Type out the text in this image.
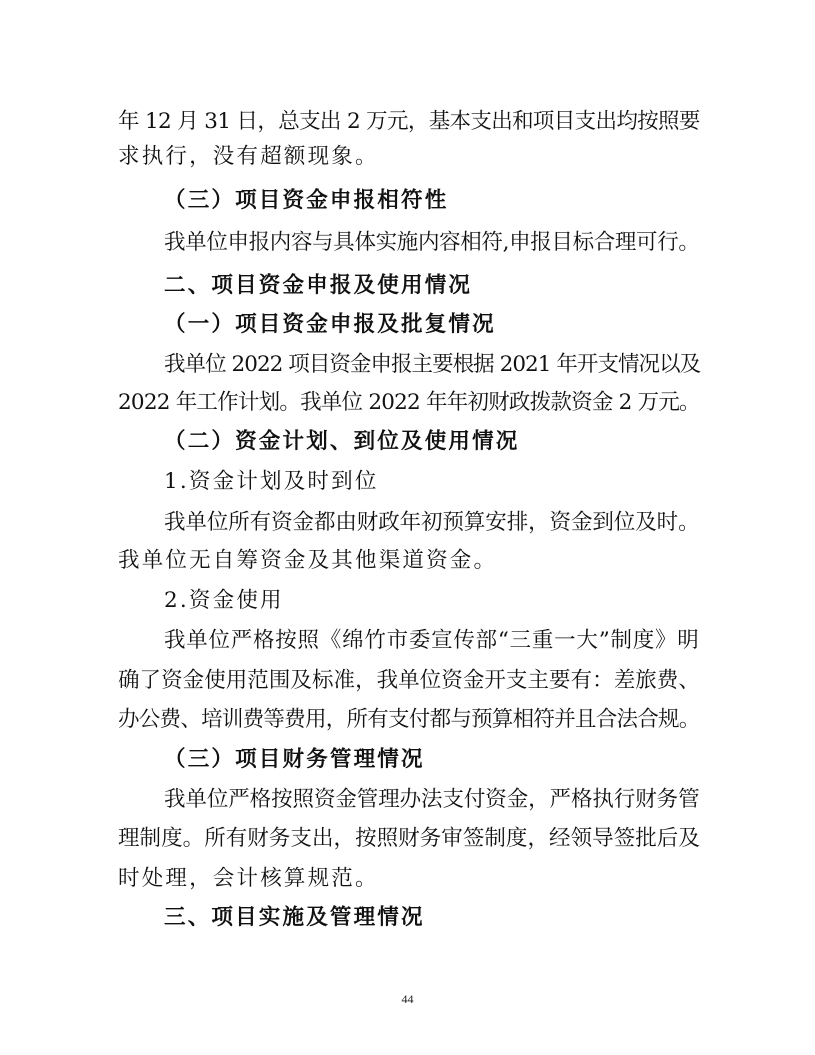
年 12 月 31 日，总支出 2 万元，基本支出和项目支出均按照要
求执行，没有超额现象。
（三）项目资金申报相符性
我单位申报内容与具体实施内容相符,申报目标合理可行。
二、项目资金申报及使用情况
（一）项目资金申报及批复情况
我单位 2022 项目资金申报主要根据 2021 年开支情况以及
2022 年工作计划。我单位 2022 年年初财政拨款资金 2 万元。
（二）资金计划、到位及使用情况
1.资金计划及时到位
我单位所有资金都由财政年初预算安排，资金到位及时。
我单位无自筹资金及其他渠道资金。
2.资金使用
我单位严格按照《绵竹市委宣传部“三重一大”制度》明
确了资金使用范围及标准，我单位资金开支主要有：差旅费、
办公费、培训费等费用，所有支付都与预算相符并且合法合规。
（三）项目财务管理情况
我单位严格按照资金管理办法支付资金，严格执行财务管
理制度。所有财务支出，按照财务审签制度，经领导签批后及
时处理，会计核算规范。
三、项目实施及管理情况
44
